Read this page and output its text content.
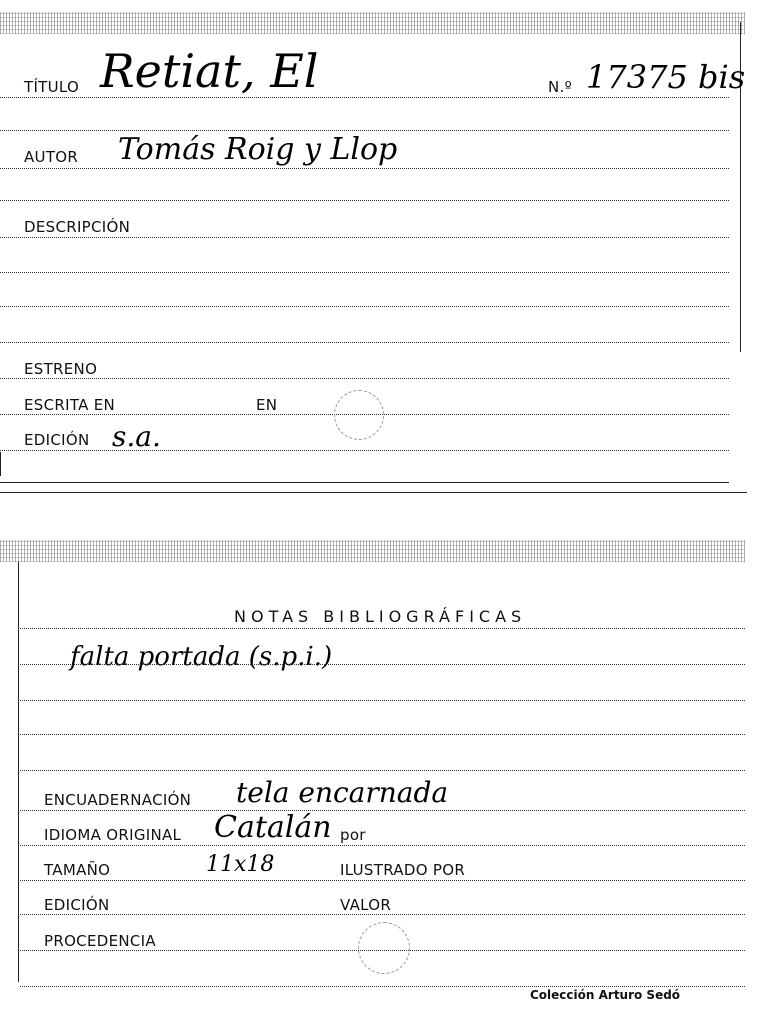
TÍTULO Retiat, El	N.º 17375 bis
AUTOR Tomás Roig y Llop
DESCRIPCIÓN
ESTRENO
ESCRITA EN	EN
EDICIÓN s.a.
NOTAS BIBLIOGRÁFICAS
falta portada (s.p.i.)
ENCUADERNACIÓN tela encarnada
IDIOMA ORIGINAL Catalán por
TAMAÑO	11x18	ILUSTRADO POR
EDICIÓN	VALOR
PROCEDENCIA
Colección Arturo Sedó
